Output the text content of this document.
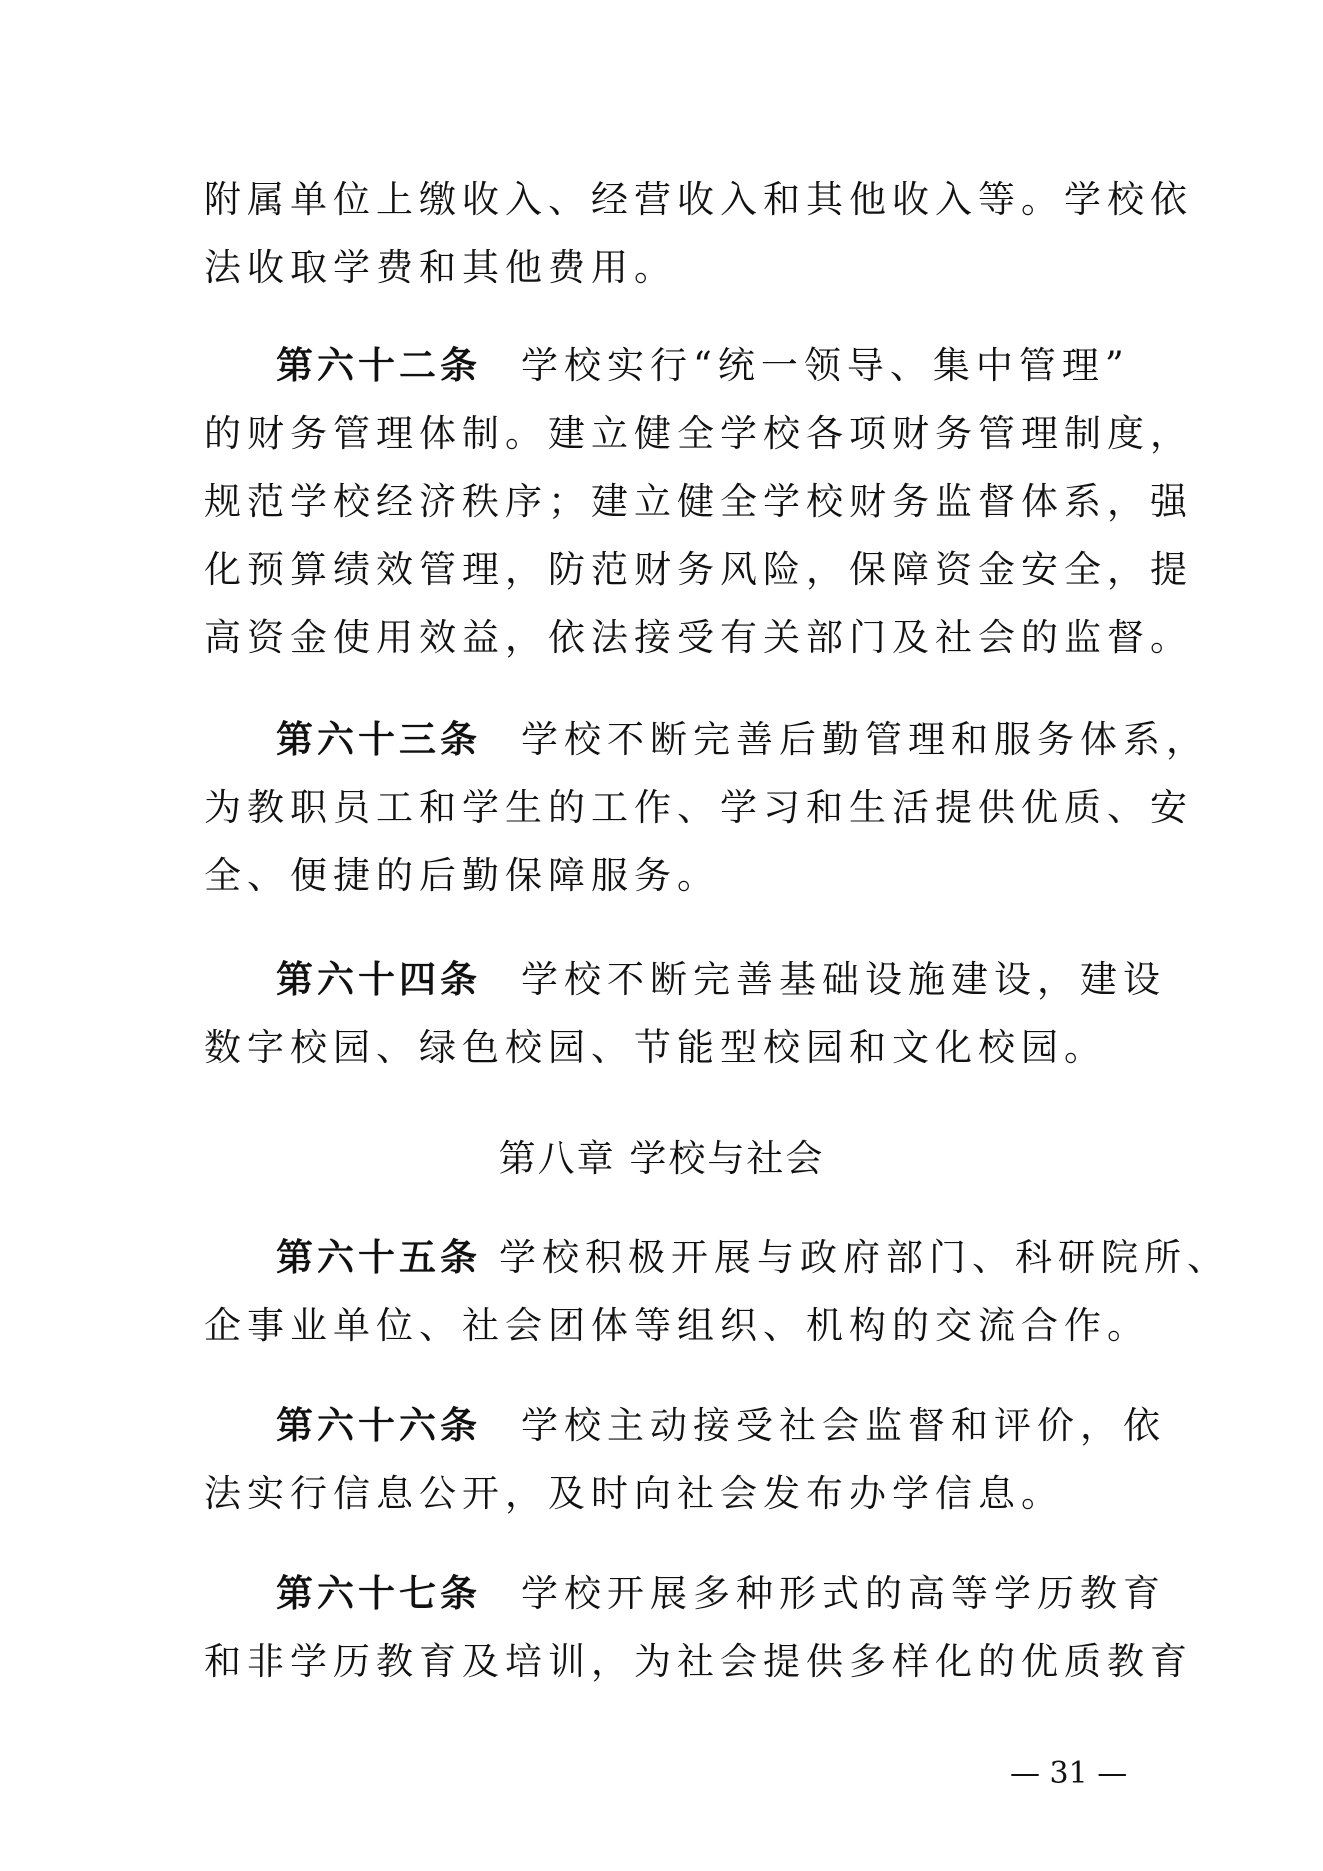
附属单位上缴收入、经营收入和其他收入等。学校依
法收取学费和其他费用。
第六十二条 学校实行“统一领导、集中管理”
的财务管理体制。建立健全学校各项财务管理制度，
规范学校经济秩序；建立健全学校财务监督体系，强
化预算绩效管理，防范财务风险，保障资金安全，提
高资金使用效益，依法接受有关部门及社会的监督。
第六十三条 学校不断完善后勤管理和服务体系，
为教职员工和学生的工作、学习和生活提供优质、安
全、便捷的后勤保障服务。
第六十四条 学校不断完善基础设施建设，建设
数字校园、绿色校园、节能型校园和文化校园。
第八章 学校与社会
第六十五条 学校积极开展与政府部门、科研院所、
企事业单位、社会团体等组织、机构的交流合作。
第六十六条 学校主动接受社会监督和评价，依
法实行信息公开，及时向社会发布办学信息。
第六十七条 学校开展多种形式的高等学历教育
和非学历教育及培训，为社会提供多样化的优质教育
— 31 —
